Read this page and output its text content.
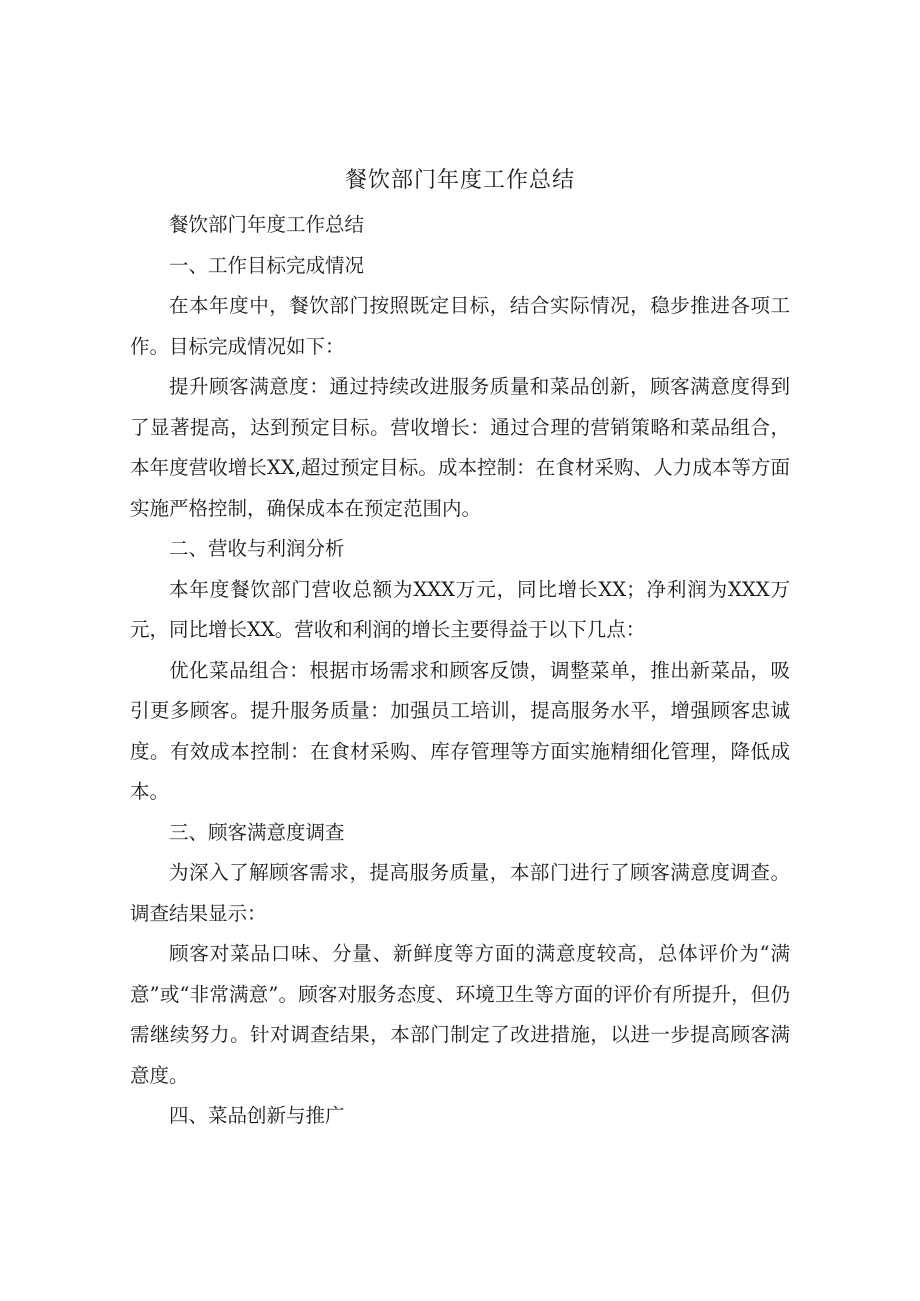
餐饮部门年度工作总结

餐饮部门年度工作总结

一、工作目标完成情况

在本年度中，餐饮部门按照既定目标，结合实际情况，稳步推进各项工作。目标完成情况如下：

提升顾客满意度：通过持续改进服务质量和菜品创新，顾客满意度得到了显著提高，达到预定目标。营收增长：通过合理的营销策略和菜品组合，本年度营收增长XX,超过预定目标。成本控制：在食材采购、人力成本等方面实施严格控制，确保成本在预定范围内。

二、营收与利润分析

本年度餐饮部门营收总额为XXX万元，同比增长XX；净利润为XXX万元，同比增长XX。营收和利润的增长主要得益于以下几点：

优化菜品组合：根据市场需求和顾客反馈，调整菜单，推出新菜品，吸引更多顾客。提升服务质量：加强员工培训，提高服务水平，增强顾客忠诚度。有效成本控制：在食材采购、库存管理等方面实施精细化管理，降低成本。

三、顾客满意度调查

为深入了解顾客需求，提高服务质量，本部门进行了顾客满意度调查。调查结果显示：

顾客对菜品口味、分量、新鲜度等方面的满意度较高，总体评价为“满意”或“非常满意”。顾客对服务态度、环境卫生等方面的评价有所提升，但仍需继续努力。针对调查结果，本部门制定了改进措施，以进一步提高顾客满意度。

四、菜品创新与推广
